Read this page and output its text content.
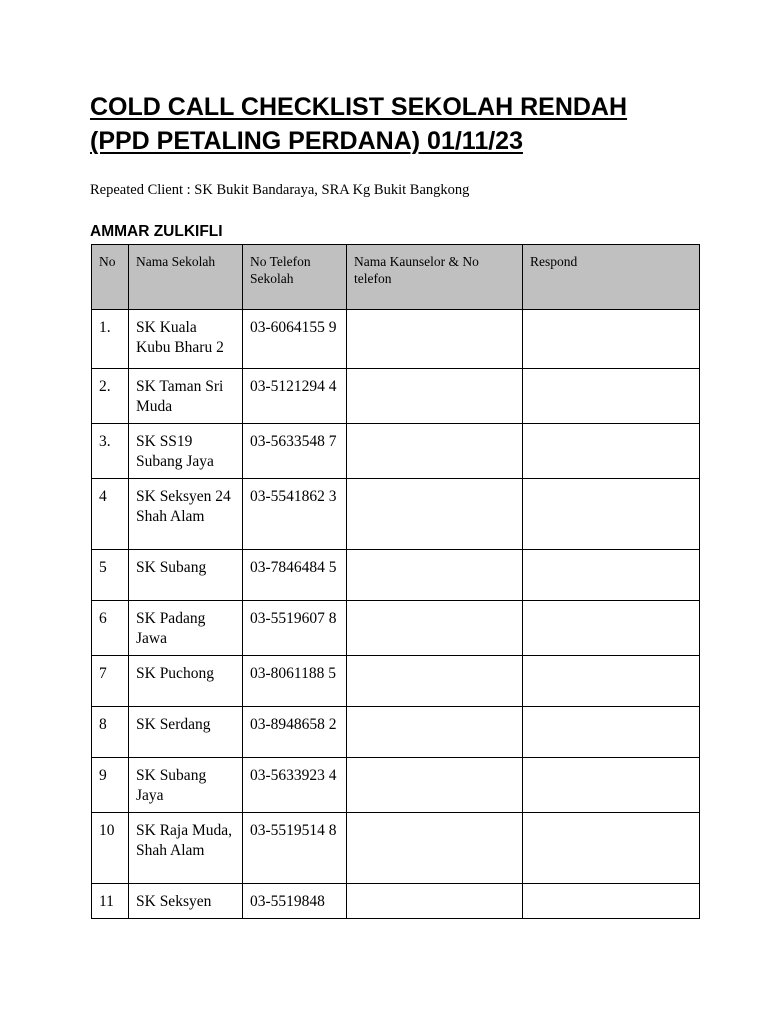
COLD CALL CHECKLIST SEKOLAH RENDAH
(PPD PETALING PERDANA) 01/11/23
Repeated Client : SK Bukit Bandaraya, SRA Kg Bukit Bangkong
AMMAR ZULKIFLI
No	Nama Sekolah	No Telefon Sekolah	Nama Kaunselor & No telefon	Respond
1.	SK Kuala Kubu Bharu 2	03-6064155 9		
2.	SK Taman Sri Muda	03-5121294 4		
3.	SK SS19 Subang Jaya	03-5633548 7		
4	SK Seksyen 24 Shah Alam	03-5541862 3		
5	SK Subang	03-7846484 5		
6	SK Padang Jawa	03-5519607 8		
7	SK Puchong	03-8061188 5		
8	SK Serdang	03-8948658 2		
9	SK Subang Jaya	03-5633923 4		
10	SK Raja Muda, Shah Alam	03-5519514 8		
11	SK Seksyen	03-5519848		
